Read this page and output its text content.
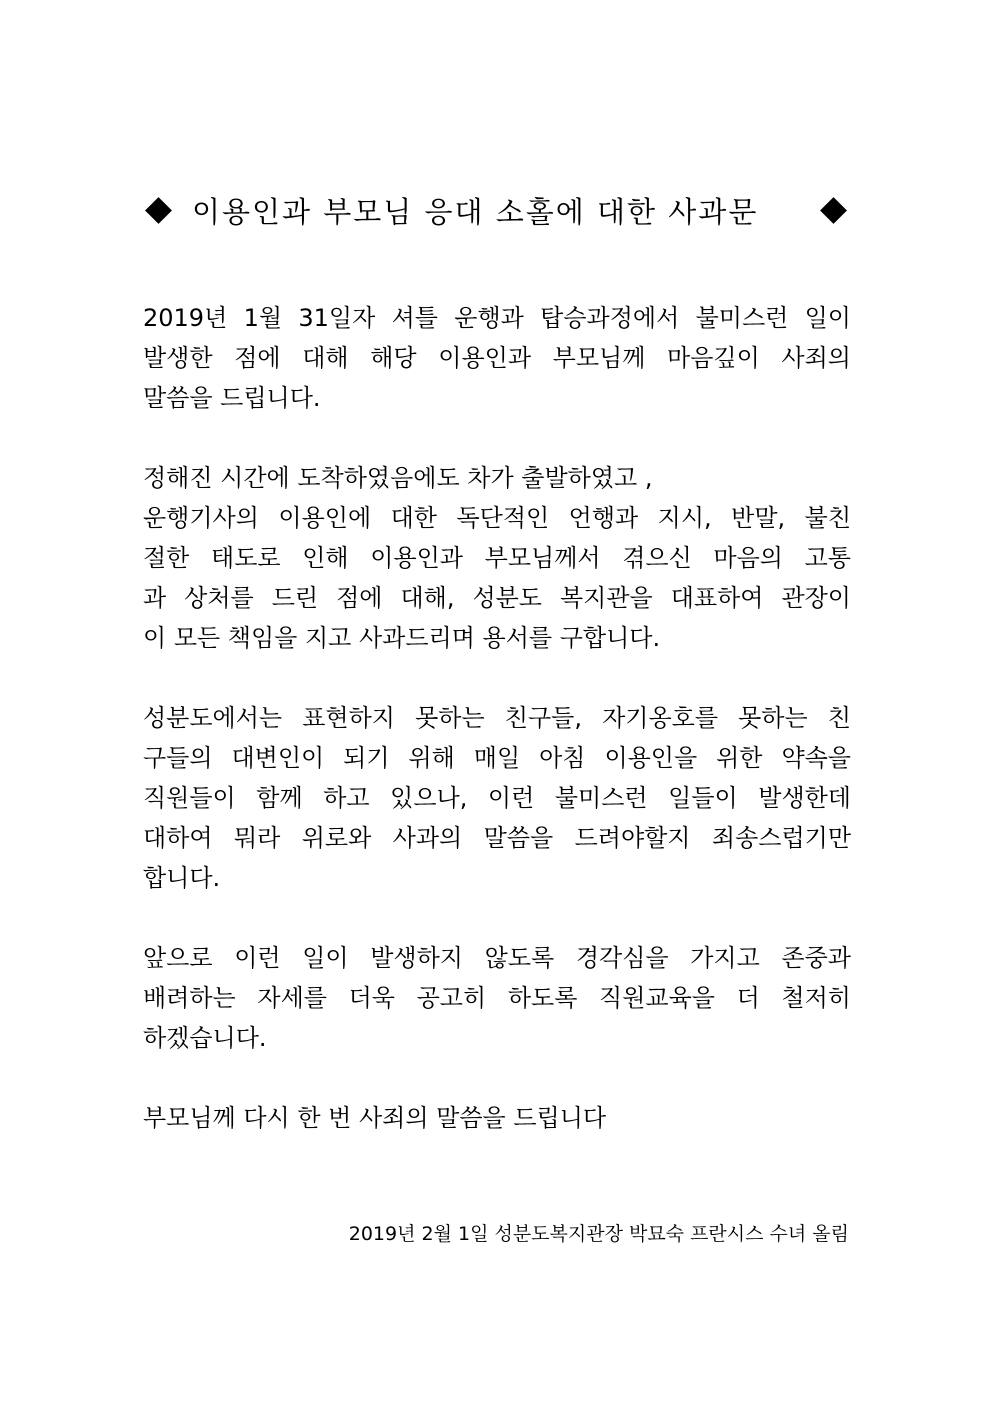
이용인과 부모님 응대 소홀에 대한 사과문
2019년 1월 31일자 셔틀 운행과 탑승과정에서 불미스런 일이
발생한 점에 대해 해당 이용인과 부모님께 마음깊이 사죄의
말씀을 드립니다.
정해진 시간에 도착하였음에도 차가 출발하였고 ,
운행기사의 이용인에 대한 독단적인 언행과 지시, 반말, 불친
절한 태도로 인해 이용인과 부모님께서 겪으신 마음의 고통
과 상처를 드린 점에 대해, 성분도 복지관을 대표하여 관장이
이 모든 책임을 지고 사과드리며 용서를 구합니다.
성분도에서는 표현하지 못하는 친구들, 자기옹호를 못하는 친
구들의 대변인이 되기 위해 매일 아침 이용인을 위한 약속을
직원들이 함께 하고 있으나, 이런 불미스런 일들이 발생한데
대하여 뭐라 위로와 사과의 말씀을 드려야할지 죄송스럽기만
합니다.
앞으로 이런 일이 발생하지 않도록 경각심을 가지고 존중과
배려하는 자세를 더욱 공고히 하도록 직원교육을 더 철저히
하겠습니다.
부모님께 다시 한 번 사죄의 말씀을 드립니다
2019년 2월 1일 성분도복지관장 박묘숙 프란시스 수녀 올림
